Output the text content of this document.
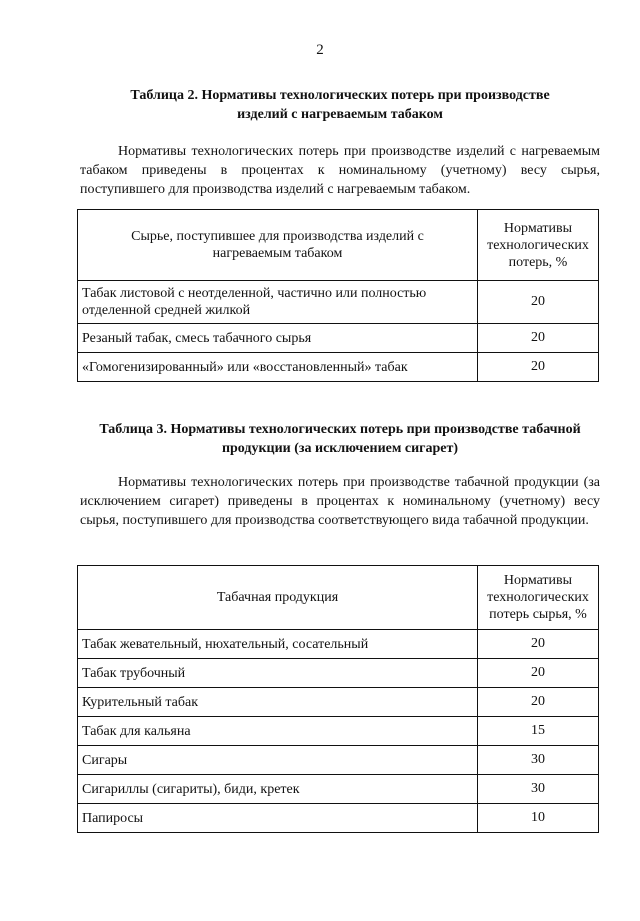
2
Таблица 2. Нормативы технологических потерь при производстве
изделий с нагреваемым табаком
Нормативы технологических потерь при производстве изделий с нагреваемым табаком приведены в процентах к номинальному (учетному) весу сырья, поступившего для производства изделий с нагреваемым табаком.
Сырье, поступившее для производства изделий с нагреваемым табаком	Нормативы технологических потерь, %
Табак листовой с неотделенной, частично или полностью отделенной средней жилкой	20
Резаный табак, смесь табачного сырья	20
«Гомогенизированный» или «восстановленный» табак	20
Таблица 3. Нормативы технологических потерь при производстве табачной
продукции (за исключением сигарет)
Нормативы технологических потерь при производстве табачной продукции (за исключением сигарет) приведены в процентах к номинальному (учетному) весу сырья, поступившего для производства соответствующего вида табачной продукции.
Табачная продукция	Нормативы технологических потерь сырья, %
Табак жевательный, нюхательный, сосательный	20
Табак трубочный	20
Курительный табак	20
Табак для кальяна	15
Сигары	30
Сигариллы (сигариты), биди, кретек	30
Папиросы	10
